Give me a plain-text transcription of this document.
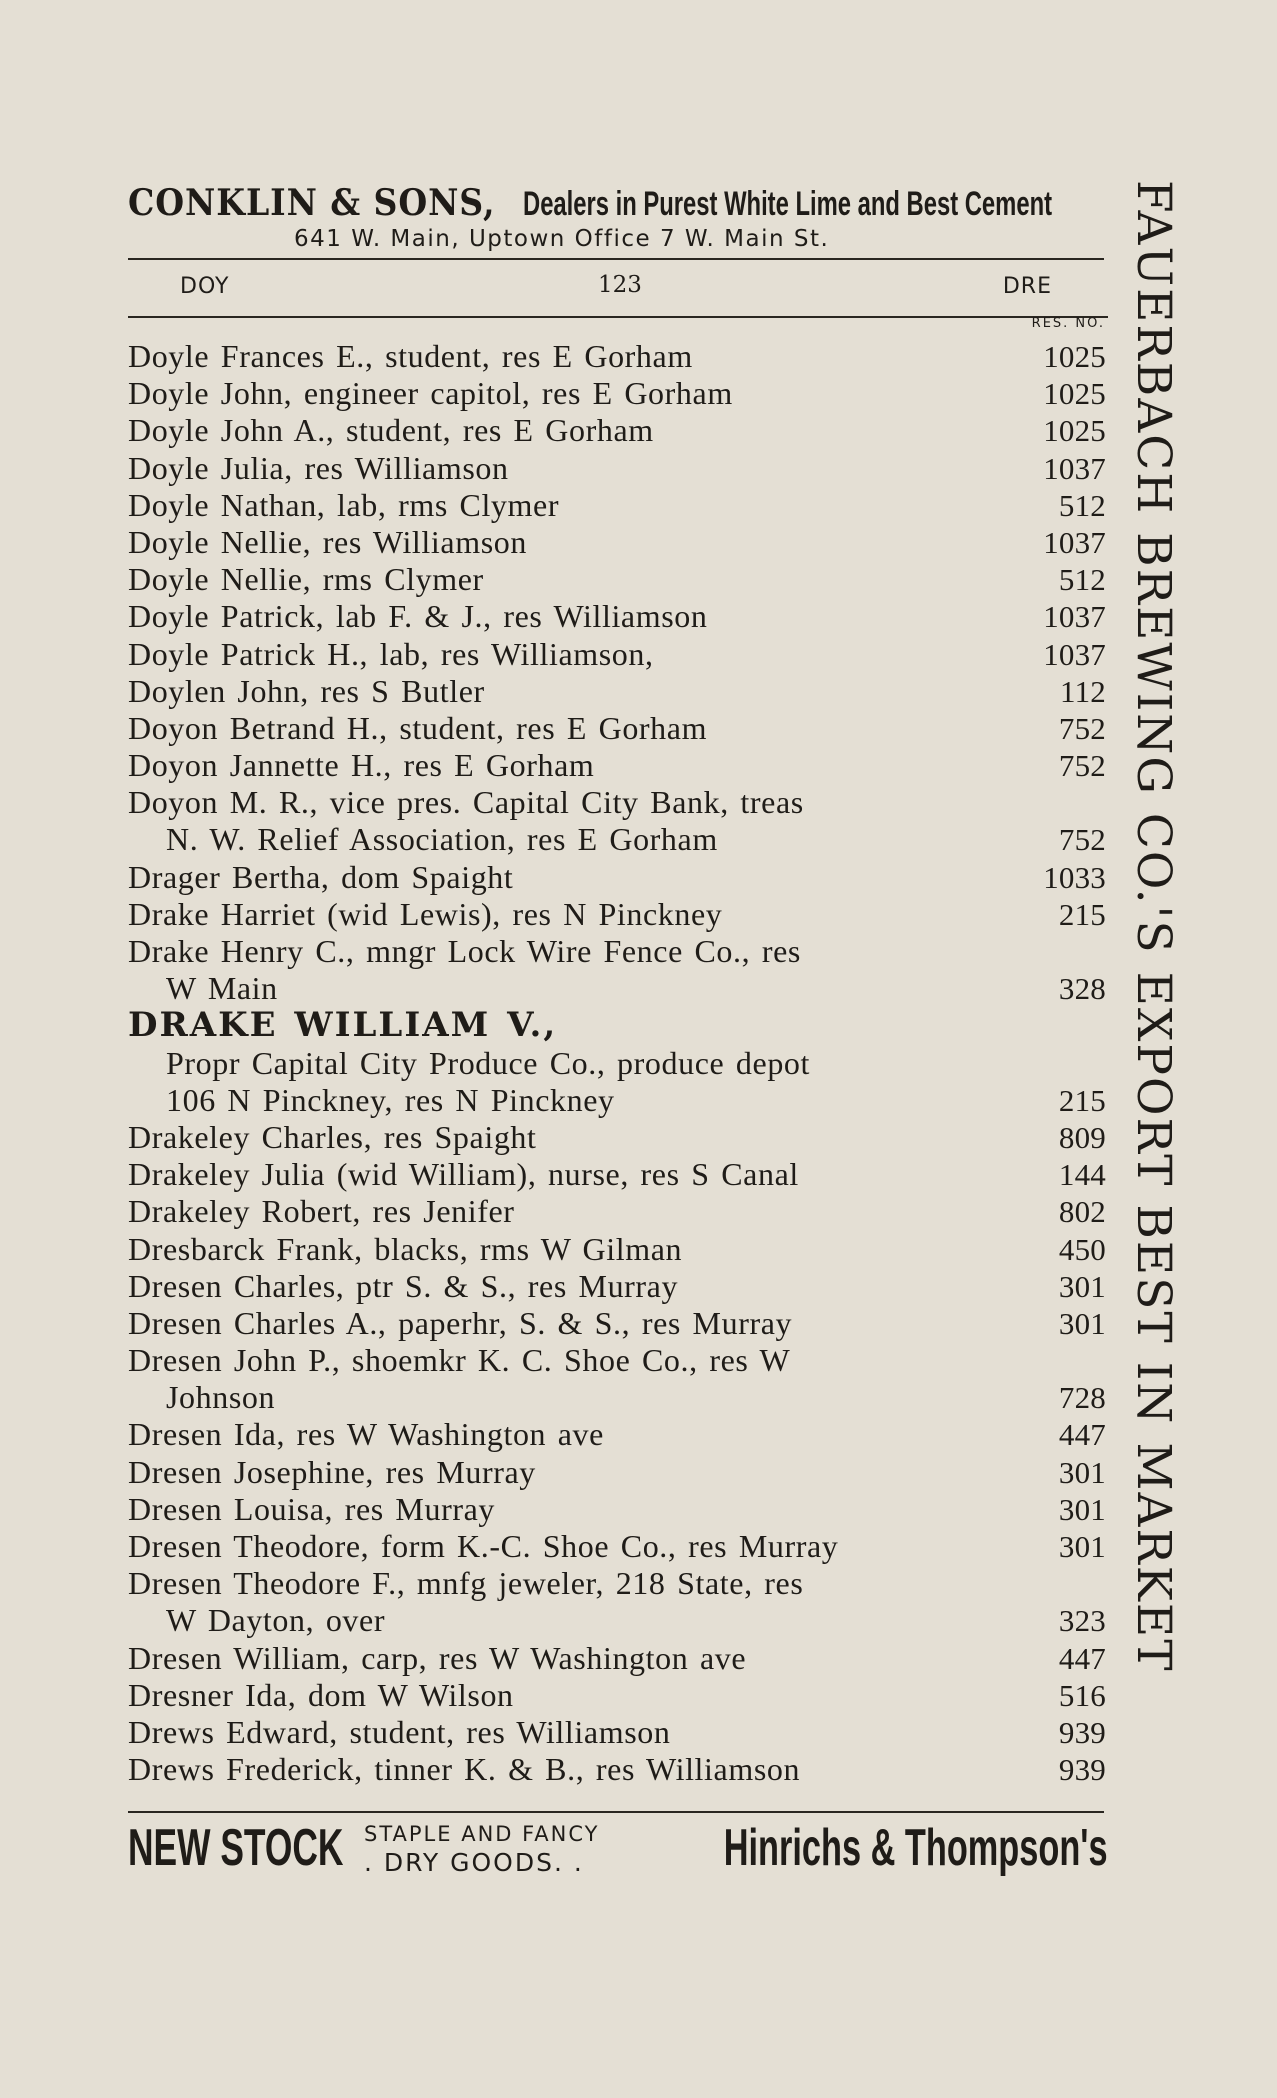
CONKLIN & SONS, Dealers in Purest White Lime and Best Cement
641 W. Main, Uptown Office 7 W. Main St.
DOY	123	DRE
RES. NO.
Doyle Frances E., student, res E Gorham	1025
Doyle John, engineer capitol, res E Gorham	1025
Doyle John A., student, res E Gorham	1025
Doyle Julia, res Williamson	1037
Doyle Nathan, lab, rms Clymer	512
Doyle Nellie, res Williamson	1037
Doyle Nellie, rms Clymer	512
Doyle Patrick, lab F. & J., res Williamson	1037
Doyle Patrick H., lab, res Williamson,	1037
Doylen John, res S Butler	112
Doyon Betrand H., student, res E Gorham	752
Doyon Jannette H., res E Gorham	752
Doyon M. R., vice pres. Capital City Bank, treas
N. W. Relief Association, res E Gorham	752
Drager Bertha, dom Spaight	1033
Drake Harriet (wid Lewis), res N Pinckney	215
Drake Henry C., mngr Lock Wire Fence Co., res
W Main	328
DRAKE WILLIAM V.,
Propr Capital City Produce Co., produce depot
106 N Pinckney, res N Pinckney	215
Drakeley Charles, res Spaight	809
Drakeley Julia (wid William), nurse, res S Canal	144
Drakeley Robert, res Jenifer	802
Dresbarck Frank, blacks, rms W Gilman	450
Dresen Charles, ptr S. & S., res Murray	301
Dresen Charles A., paperhr, S. & S., res Murray	301
Dresen John P., shoemkr K. C. Shoe Co., res W
Johnson	728
Dresen Ida, res W Washington ave	447
Dresen Josephine, res Murray	301
Dresen Louisa, res Murray	301
Dresen Theodore, form K.-C. Shoe Co., res Murray	301
Dresen Theodore F., mnfg jeweler, 218 State, res
W Dayton, over	323
Dresen William, carp, res W Washington ave	447
Dresner Ida, dom W Wilson	516
Drews Edward, student, res Williamson	939
Drews Frederick, tinner K. & B., res Williamson	939
NEW STOCK STAPLE AND FANCY
. DRY GOODS. .	Hinrichs & Thompson's
FAUERBACH BREWING CO.'S EXPORT BEST IN MARKET
